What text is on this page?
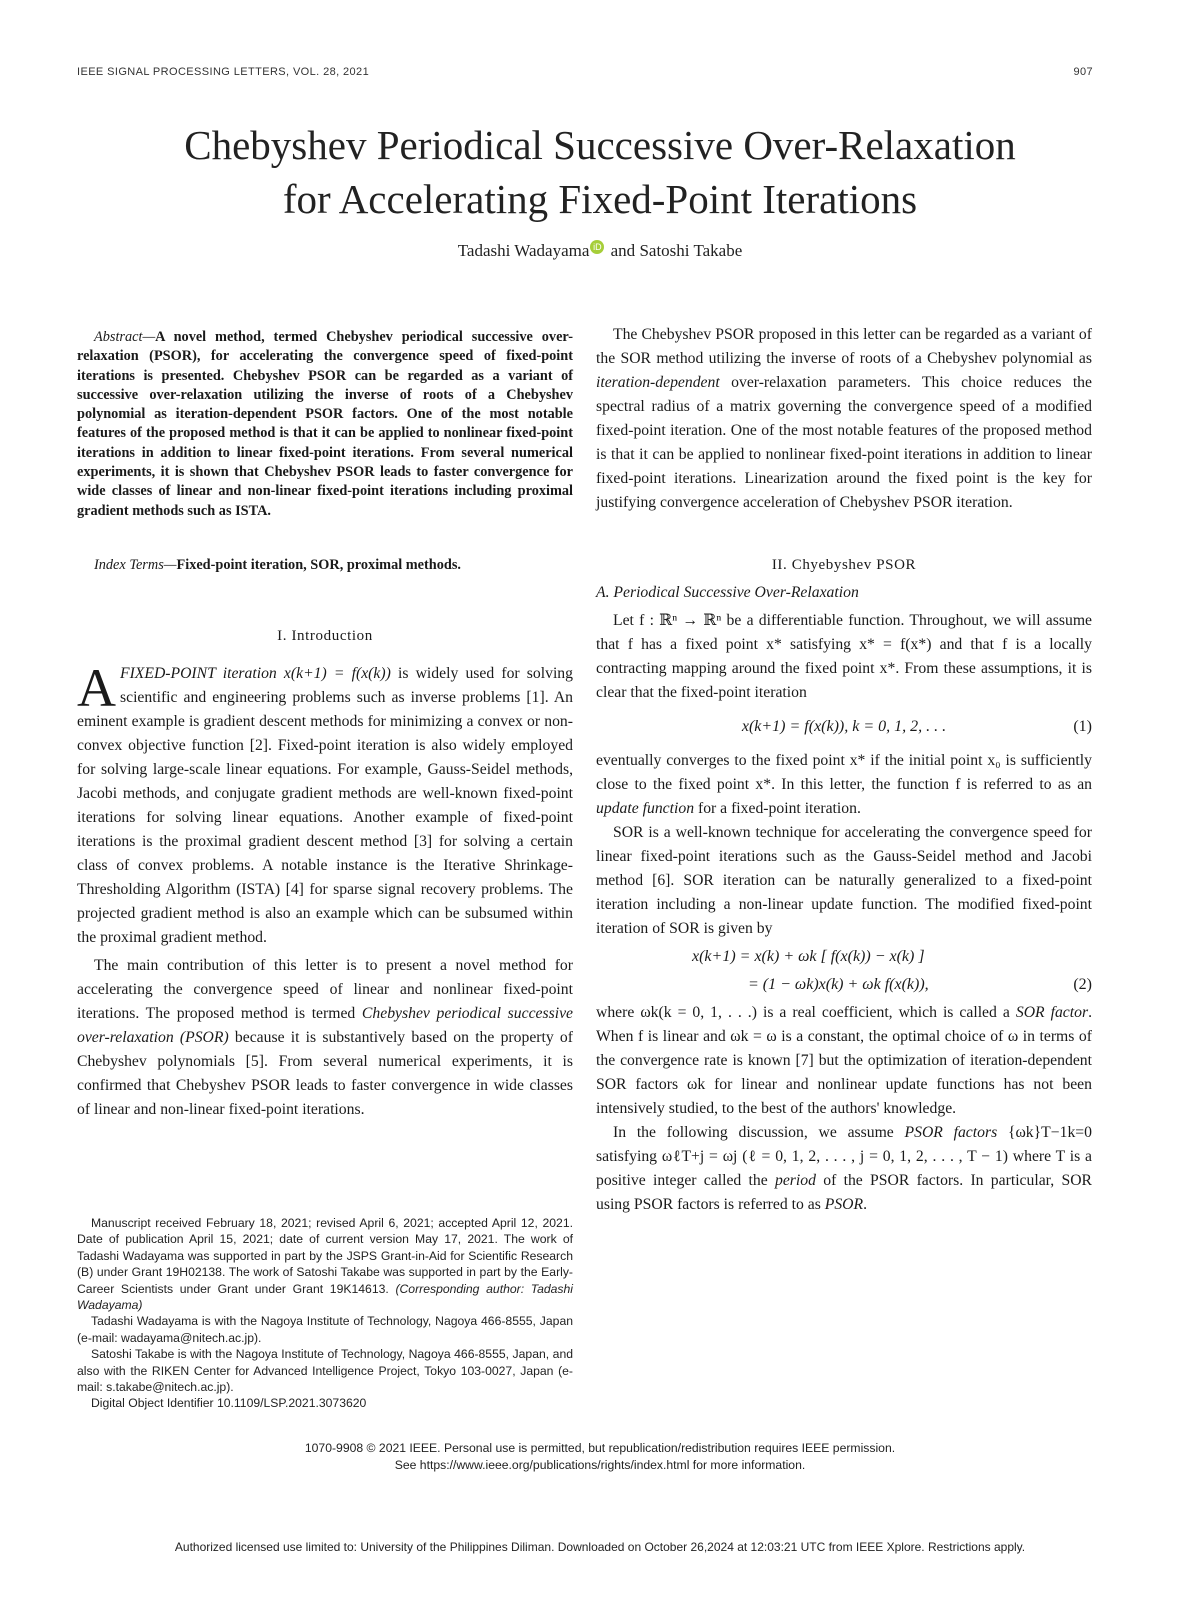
IEEE SIGNAL PROCESSING LETTERS, VOL. 28, 2021	907
Chebyshev Periodical Successive Over-Relaxation
for Accelerating Fixed-Point Iterations
Tadashi Wadayama iD and Satoshi Takabe
Abstract—A novel method, termed Chebyshev periodical successive over-relaxation (PSOR), for accelerating the convergence speed of fixed-point iterations is presented. Chebyshev PSOR can be regarded as a variant of successive over-relaxation utilizing the inverse of roots of a Chebyshev polynomial as iteration-dependent PSOR factors. One of the most notable features of the proposed method is that it can be applied to nonlinear fixed-point iterations in addition to linear fixed-point iterations. From several numerical experiments, it is shown that Chebyshev PSOR leads to faster convergence for wide classes of linear and non-linear fixed-point iterations including proximal gradient methods such as ISTA.
Index Terms—Fixed-point iteration, SOR, proximal methods.
I. Introduction

AFIXED-POINT iteration x(k+1) = f(x(k)) is widely used for solving scientific and engineering problems such as inverse problems [1]. An eminent example is gradient descent methods for minimizing a convex or non-convex objective function [2]. Fixed-point iteration is also widely employed for solving large-scale linear equations. For example, Gauss-Seidel methods, Jacobi methods, and conjugate gradient methods are well-known fixed-point iterations for solving linear equations. Another example of fixed-point iterations is the proximal gradient descent method [3] for solving a certain class of convex problems. A notable instance is the Iterative Shrinkage-Thresholding Algorithm (ISTA) [4] for sparse signal recovery problems. The projected gradient method is also an example which can be subsumed within the proximal gradient method.

The main contribution of this letter is to present a novel method for accelerating the convergence speed of linear and nonlinear fixed-point iterations. The proposed method is termed Chebyshev periodical successive over-relaxation (PSOR) because it is substantively based on the property of Chebyshev polynomials [5]. From several numerical experiments, it is confirmed that Chebyshev PSOR leads to faster convergence in wide classes of linear and non-linear fixed-point iterations.

Manuscript received February 18, 2021; revised April 6, 2021; accepted April 12, 2021. Date of publication April 15, 2021; date of current version May 17, 2021. The work of Tadashi Wadayama was supported in part by the JSPS Grant-in-Aid for Scientific Research (B) under Grant 19H02138. The work of Satoshi Takabe was supported in part by the Early-Career Scientists under Grant under Grant 19K14613. (Corresponding author: Tadashi Wadayama)

Tadashi Wadayama is with the Nagoya Institute of Technology, Nagoya 466-8555, Japan (e-mail: wadayama@nitech.ac.jp).

Satoshi Takabe is with the Nagoya Institute of Technology, Nagoya 466-8555, Japan, and also with the RIKEN Center for Advanced Intelligence Project, Tokyo 103-0027, Japan (e-mail: s.takabe@nitech.ac.jp).

Digital Object Identifier 10.1109/LSP.2021.3073620

The Chebyshev PSOR proposed in this letter can be regarded as a variant of the SOR method utilizing the inverse of roots of a Chebyshev polynomial as iteration-dependent over-relaxation parameters. This choice reduces the spectral radius of a matrix governing the convergence speed of a modified fixed-point iteration. One of the most notable features of the proposed method is that it can be applied to nonlinear fixed-point iterations in addition to linear fixed-point iterations. Linearization around the fixed point is the key for justifying convergence acceleration of Chebyshev PSOR iteration.

II. Chyebyshev PSOR
A. Periodical Successive Over-Relaxation

Let f : ℝⁿ → ℝⁿ be a differentiable function. Throughout, we will assume that f has a fixed point x* satisfying x* = f(x*) and that f is a locally contracting mapping around the fixed point x*. From these assumptions, it is clear that the fixed-point iteration

x(k+1) = f(x(k)), k = 0, 1, 2, . . .	(1)

eventually converges to the fixed point x* if the initial point x₀ is sufficiently close to the fixed point x*. In this letter, the function f is referred to as an update function for a fixed-point iteration.

SOR is a well-known technique for accelerating the convergence speed for linear fixed-point iterations such as the Gauss-Seidel method and Jacobi method [6]. SOR iteration can be naturally generalized to a fixed-point iteration including a non-linear update function. The modified fixed-point iteration of SOR is given by

x(k+1) = x(k) + ωk [ f(x(k)) − x(k) ]
= (1 − ωk)x(k) + ωk f(x(k)),	(2)

where ωk(k = 0, 1, . . .) is a real coefficient, which is called a SOR factor. When f is linear and ωk = ω is a constant, the optimal choice of ω in terms of the convergence rate is known [7] but the optimization of iteration-dependent SOR factors ωk for linear and nonlinear update functions has not been intensively studied, to the best of the authors' knowledge.

In the following discussion, we assume PSOR factors {ωk}T−1k=0 satisfying ωℓT+j = ωj (ℓ = 0, 1, 2, . . . , j = 0, 1, 2, . . . , T − 1) where T is a positive integer called the period of the PSOR factors. In particular, SOR using PSOR factors is referred to as PSOR.

1070-9908 © 2021 IEEE. Personal use is permitted, but republication/redistribution requires IEEE permission.
See https://www.ieee.org/publications/rights/index.html for more information.
Authorized licensed use limited to: University of the Philippines Diliman. Downloaded on October 26,2024 at 12:03:21 UTC from IEEE Xplore. Restrictions apply.
